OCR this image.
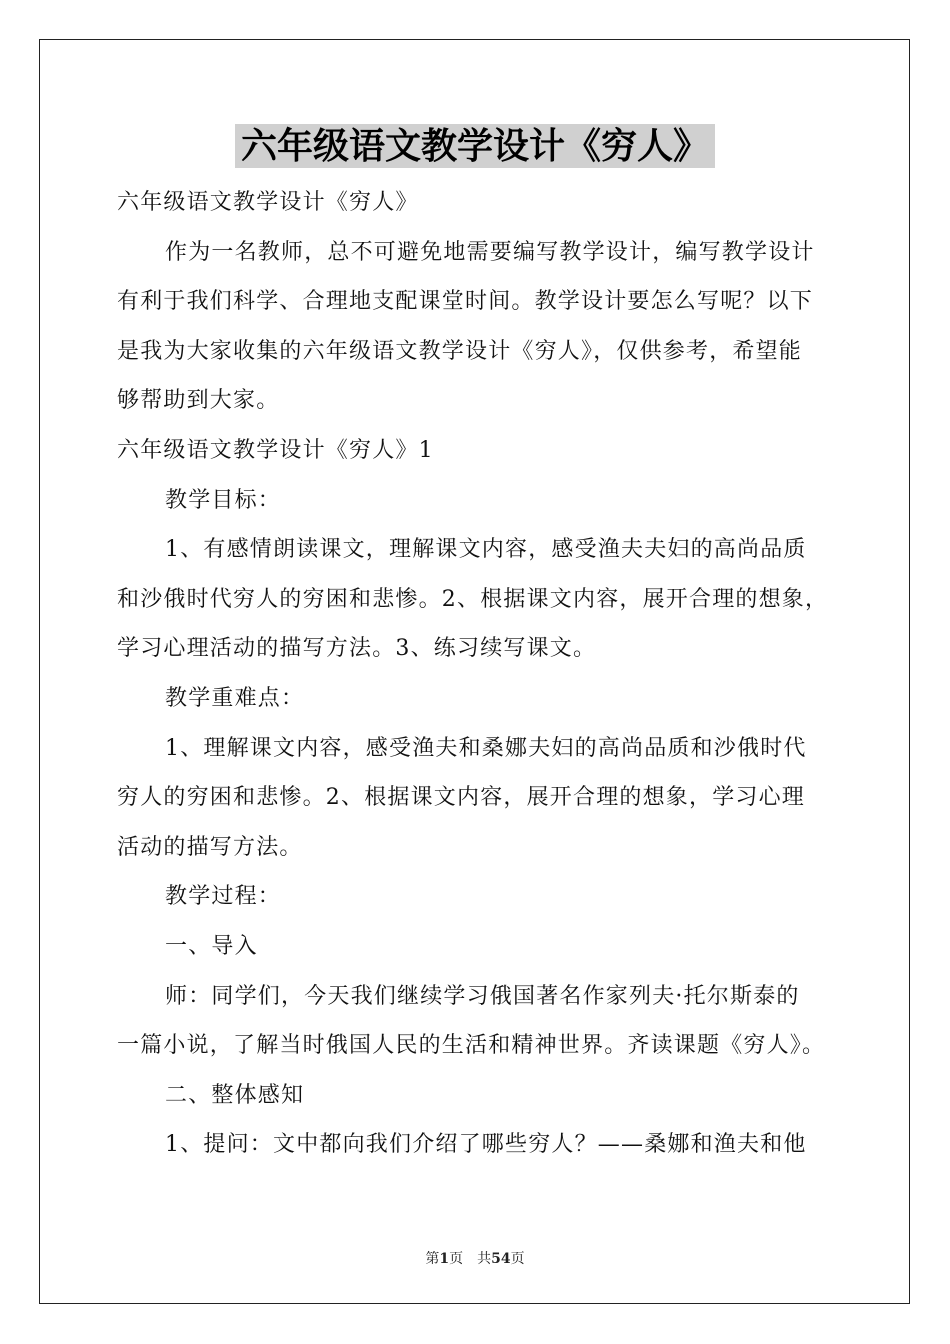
六年级语文教学设计《穷人》
六年级语文教学设计《穷人》
作为一名教师，总不可避免地需要编写教学设计，编写教学设计
有利于我们科学、合理地支配课堂时间。教学设计要怎么写呢？以下
是我为大家收集的六年级语文教学设计《穷人》，仅供参考，希望能
够帮助到大家。
六年级语文教学设计《穷人》1
教学目标：
1、有感情朗读课文，理解课文内容，感受渔夫夫妇的高尚品质
和沙俄时代穷人的穷困和悲惨。2、根据课文内容，展开合理的想象，
学习心理活动的描写方法。3、练习续写课文。
教学重难点：
1、理解课文内容，感受渔夫和桑娜夫妇的高尚品质和沙俄时代
穷人的穷困和悲惨。2、根据课文内容，展开合理的想象，学习心理
活动的描写方法。
教学过程：
一、导入
师：同学们，今天我们继续学习俄国著名作家列夫·托尔斯泰的
一篇小说，了解当时俄国人民的生活和精神世界。齐读课题《穷人》。
二、整体感知
1、提问：文中都向我们介绍了哪些穷人？——桑娜和渔夫和他
第1页 共54页
